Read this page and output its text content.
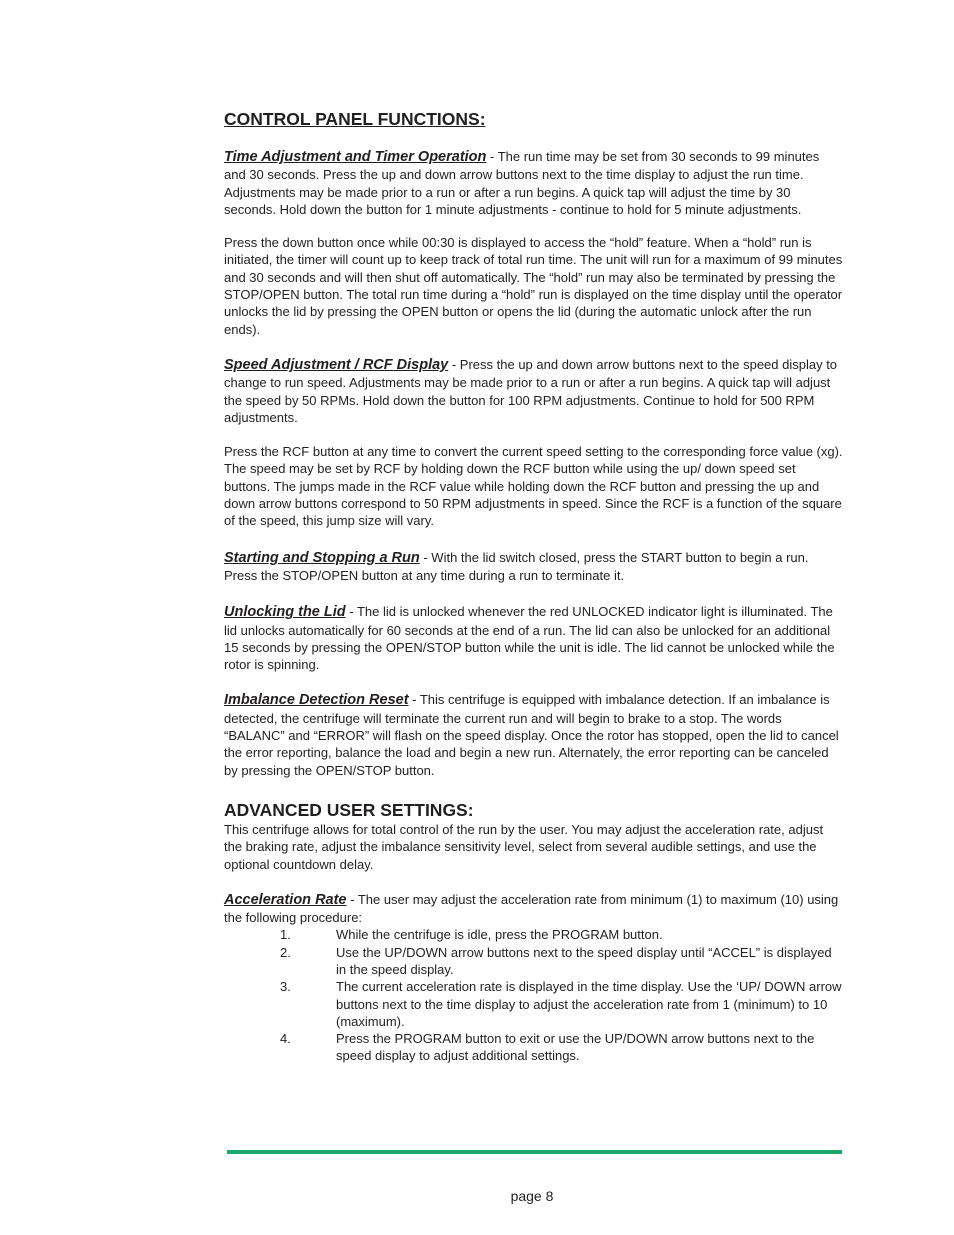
CONTROL PANEL FUNCTIONS:

Time Adjustment and Timer Operation - The run time may be set from 30 seconds to 99 minutes and 30 seconds. Press the up and down arrow buttons next to the time display to adjust the run time. Adjustments may be made prior to a run or after a run begins. A quick tap will adjust the time by 30 seconds. Hold down the button for 1 minute adjustments - continue to hold for 5 minute adjustments.

Press the down button once while 00:30 is displayed to access the “hold” feature. When a “hold” run is initiated, the timer will count up to keep track of total run time. The unit will run for a maximum of 99 minutes and 30 seconds and will then shut off automatically. The “hold” run may also be terminated by pressing the STOP/OPEN button. The total run time during a “hold” run is displayed on the time display until the operator unlocks the lid by pressing the OPEN button or opens the lid (during the automatic unlock after the run ends).

Speed Adjustment / RCF Display - Press the up and down arrow buttons next to the speed display to change to run speed. Adjustments may be made prior to a run or after a run begins. A quick tap will adjust the speed by 50 RPMs. Hold down the button for 100 RPM adjustments. Continue to hold for 500 RPM adjustments.

Press the RCF button at any time to convert the current speed setting to the corresponding force value (xg). The speed may be set by RCF by holding down the RCF button while using the up/ down speed set buttons. The jumps made in the RCF value while holding down the RCF button and pressing the up and down arrow buttons correspond to 50 RPM adjustments in speed. Since the RCF is a function of the square of the speed, this jump size will vary.

Starting and Stopping a Run - With the lid switch closed, press the START button to begin a run. Press the STOP/OPEN button at any time during a run to terminate it.

Unlocking the Lid - The lid is unlocked whenever the red UNLOCKED indicator light is illuminated. The lid unlocks automatically for 60 seconds at the end of a run. The lid can also be unlocked for an additional 15 seconds by pressing the OPEN/STOP button while the unit is idle. The lid cannot be unlocked while the rotor is spinning.

Imbalance Detection Reset - This centrifuge is equipped with imbalance detection. If an imbalance is detected, the centrifuge will terminate the current run and will begin to brake to a stop. The words “BALANC” and “ERROR” will flash on the speed display. Once the rotor has stopped, open the lid to cancel the error reporting, balance the load and begin a new run. Alternately, the error reporting can be canceled by pressing the OPEN/STOP button.

ADVANCED USER SETTINGS:

This centrifuge allows for total control of the run by the user. You may adjust the acceleration rate, adjust the braking rate, adjust the imbalance sensitivity level, select from several audible settings, and use the optional countdown delay.

Acceleration Rate - The user may adjust the acceleration rate from minimum (1) to maximum (10) using the following procedure:

1.	While the centrifuge is idle, press the PROGRAM button.
2.	Use the UP/DOWN arrow buttons next to the speed display until “ACCEL” is displayed in the speed display.
3.	The current acceleration rate is displayed in the time display. Use the ‘UP/ DOWN arrow buttons next to the time display to adjust the acceleration rate from 1 (minimum) to 10 (maximum).
4.	Press the PROGRAM button to exit or use the UP/DOWN arrow buttons next to the speed display to adjust additional settings.
page 8
